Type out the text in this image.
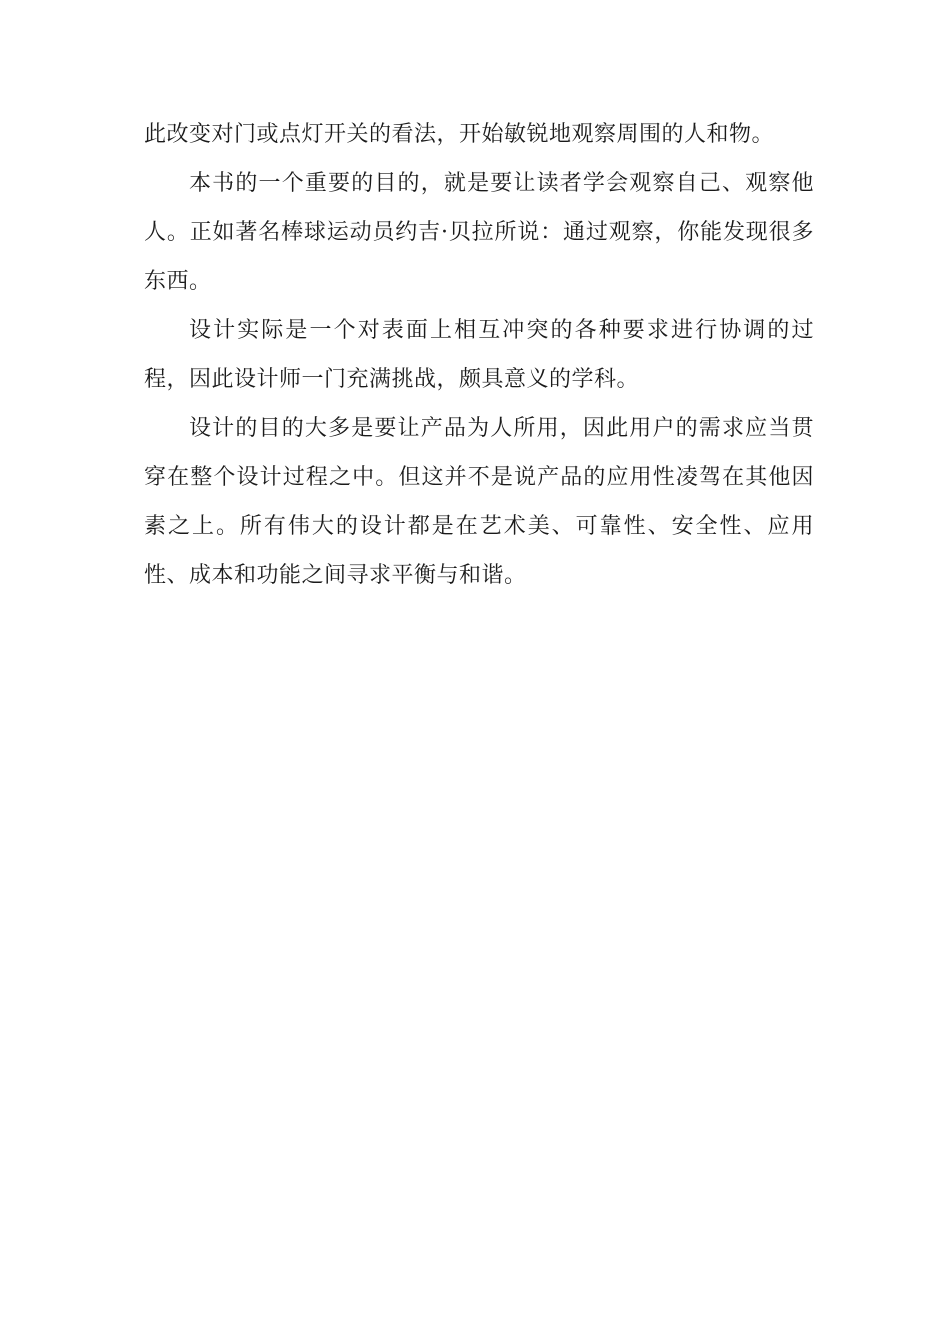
此改变对门或点灯开关的看法，开始敏锐地观察周围的人和物。

本书的一个重要的目的，就是要让读者学会观察自己、观察他人。正如著名棒球运动员约吉·贝拉所说：通过观察，你能发现很多东西。

设计实际是一个对表面上相互冲突的各种要求进行协调的过程，因此设计师一门充满挑战，颇具意义的学科。

设计的目的大多是要让产品为人所用，因此用户的需求应当贯穿在整个设计过程之中。但这并不是说产品的应用性凌驾在其他因素之上。所有伟大的设计都是在艺术美、可靠性、安全性、应用性、成本和功能之间寻求平衡与和谐。
